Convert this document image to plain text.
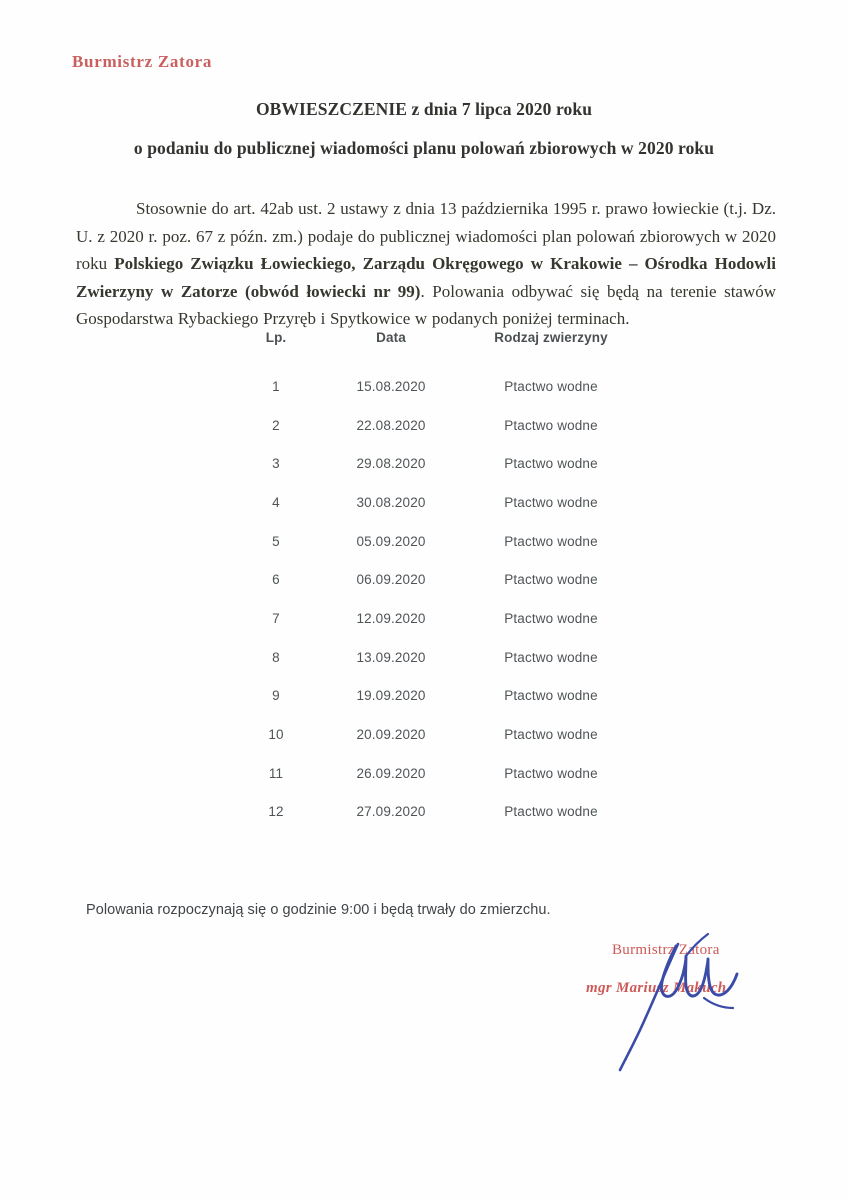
Burmistrz Zatora
OBWIESZCZENIE z dnia 7 lipca 2020 roku
o podaniu do publicznej wiadomości planu polowań zbiorowych w 2020 roku

Stosownie do art. 42ab ust. 2 ustawy z dnia 13 października 1995 r. prawo łowieckie (t.j. Dz. U. z 2020 r. poz. 67 z późn. zm.) podaje do publicznej wiadomości plan polowań zbiorowych w 2020 roku Polskiego Związku Łowieckiego, Zarządu Okręgowego w Krakowie – Ośrodka Hodowli Zwierzyny w Zatorze (obwód łowiecki nr 99). Polowania odbywać się będą na terenie stawów Gospodarstwa Rybackiego Przyręb i Spytkowice w podanych poniżej terminach.

Lp.	Data	Rodzaj zwierzyny
1	15.08.2020	Ptactwo wodne
2	22.08.2020	Ptactwo wodne
3	29.08.2020	Ptactwo wodne
4	30.08.2020	Ptactwo wodne
5	05.09.2020	Ptactwo wodne
6	06.09.2020	Ptactwo wodne
7	12.09.2020	Ptactwo wodne
8	13.09.2020	Ptactwo wodne
9	19.09.2020	Ptactwo wodne
10	20.09.2020	Ptactwo wodne
11	26.09.2020	Ptactwo wodne
12	27.09.2020	Ptactwo wodne
Polowania rozpoczynają się o godzinie 9:00 i będą trwały do zmierzchu.
Burmistrz Zatora
mgr Mariusz Makuch
